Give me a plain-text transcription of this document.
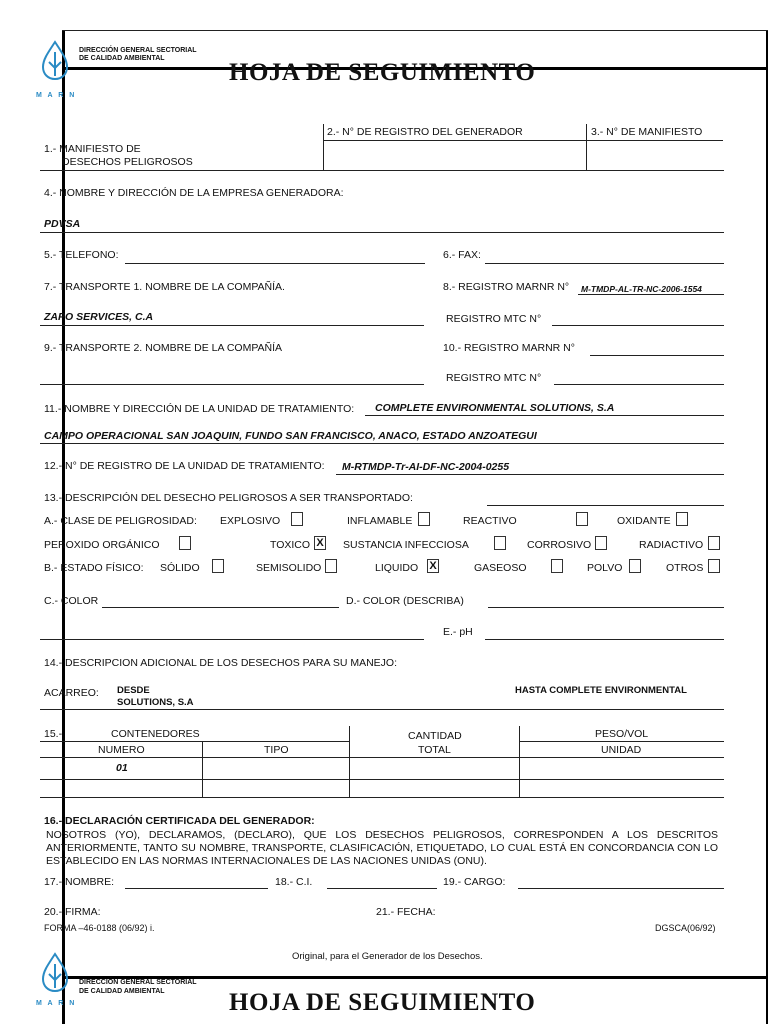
M A R N
DIRECCIÓN GENERAL SECTORIAL
DE CALIDAD AMBIENTAL
HOJA DE SEGUIMIENTO
1.- MANIFIESTO DE
DESECHOS PELIGROSOS
2.- N° DE REGISTRO DEL GENERADOR	3.- N° DE MANIFIESTO
4.- NOMBRE Y DIRECCIÓN DE LA EMPRESA GENERADORA:
PDVSA
5.- TELEFONO:	6.- FAX:
7.- TRANSPORTE 1. NOMBRE DE LA COMPAÑÍA.	8.- REGISTRO MARNR N° M-TMDP-AL-TR-NC-2006-1554
ZAPO SERVICES, C.A	REGISTRO MTC N°
9.- TRANSPORTE 2. NOMBRE DE LA COMPAÑÍA	10.- REGISTRO MARNR N°
REGISTRO MTC N°
11.- NOMBRE Y DIRECCIÓN DE LA UNIDAD DE TRATAMIENTO: COMPLETE ENVIRONMENTAL SOLUTIONS, S.A
CAMPO OPERACIONAL SAN JOAQUIN, FUNDO SAN FRANCISCO, ANACO, ESTADO ANZOATEGUI
12.- N° DE REGISTRO DE LA UNIDAD DE TRATAMIENTO: M-RTMDP-Tr-AI-DF-NC-2004-0255
13.- DESCRIPCIÓN DEL DESECHO PELIGROSOS A SER TRANSPORTADO:
A.- CLASE DE PELIGROSIDAD: EXPLOSIVO	INFLAMABLE	REACTIVO	OXIDANTE
PEROXIDO ORGÁNICO	TOXICO X SUSTANCIA INFECCIOSA	CORROSIVO	RADIACTIVO
B.- ESTADO FÍSICO: SÓLIDO	SEMISOLIDO	LIQUIDO X	GASEOSO	POLVO	OTROS
C.- COLOR	D.- COLOR (DESCRIBA)
E.- pH
14.- DESCRIPCION ADICIONAL DE LOS DESECHOS PARA SU MANEJO:
ACARREO: DESDE
SOLUTIONS, S.A
HASTA COMPLETE ENVIRONMENTAL
15.-	CONTENEDORES	CANTIDAD	PESO/VOL
NUMERO	TIPO	TOTAL	UNIDAD
01
16.- DECLARACIÓN CERTIFICADA DEL GENERADOR:
NOSOTROS (YO), DECLARAMOS, (DECLARO), QUE LOS DESECHOS PELIGROSOS, CORRESPONDEN A LOS DESCRITOS ANTERIORMENTE, TANTO SU NOMBRE, TRANSPORTE, CLASIFICACIÓN, ETIQUETADO, LO CUAL ESTÁ EN CONCORDANCIA CON LO ESTABLECIDO EN LAS NORMAS INTERNACIONALES DE LAS NACIONES UNIDAS (ONU).
17.- NOMBRE:	18.- C.I.	19.- CARGO:
20.- FIRMA:	21.- FECHA:
FORMA –46-0188 (06/92) i.	DGSCA(06/92)
Original, para el Generador de los Desechos.
M A R N
DIRECCIÓN GENERAL SECTORIAL
DE CALIDAD AMBIENTAL	HOJA DE SEGUIMIENTO
